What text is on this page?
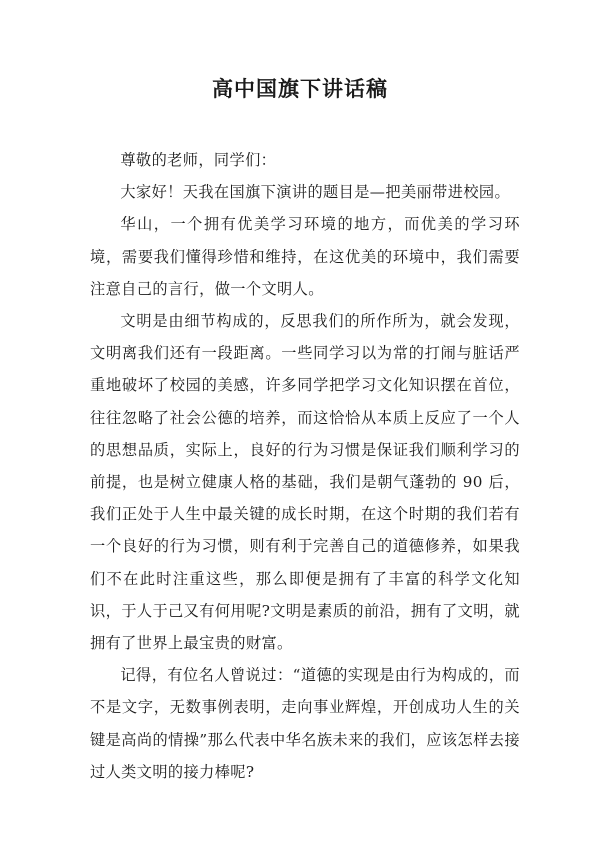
高中国旗下讲话稿

尊敬的老师，同学们：

大家好！天我在国旗下演讲的题目是—把美丽带进校园。

华山，一个拥有优美学习环境的地方，而优美的学习环境，需要我们懂得珍惜和维持，在这优美的环境中，我们需要注意自己的言行，做一个文明人。

文明是由细节构成的，反思我们的所作所为，就会发现，文明离我们还有一段距离。一些同学习以为常的打闹与脏话严重地破坏了校园的美感，许多同学把学习文化知识摆在首位，往往忽略了社会公德的培养，而这恰恰从本质上反应了一个人的思想品质，实际上，良好的行为习惯是保证我们顺利学习的前提，也是树立健康人格的基础，我们是朝气蓬勃的 90 后，我们正处于人生中最关键的成长时期，在这个时期的我们若有一个良好的行为习惯，则有利于完善自己的道德修养，如果我们不在此时注重这些，那么即便是拥有了丰富的科学文化知识，于人于己又有何用呢?文明是素质的前沿，拥有了文明，就拥有了世界上最宝贵的财富。

记得，有位名人曾说过：“道德的实现是由行为构成的，而不是文字，无数事例表明，走向事业辉煌，开创成功人生的关键是高尚的情操”那么代表中华名族未来的我们，应该怎样去接过人类文明的接力棒呢?
